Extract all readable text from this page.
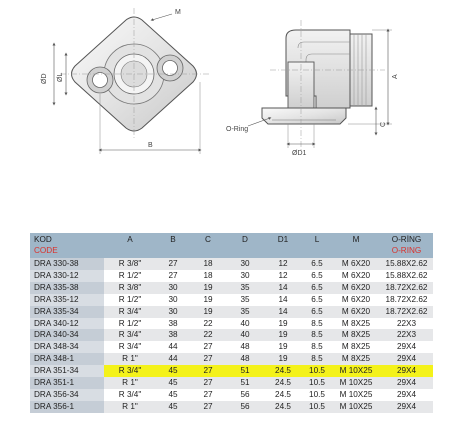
M
ØD ØL
B
A
C
ØD1
O-Ring
KOD
CODE	A	B	C	D	D1	L	M	O-RİNG
O-RING

DRA 330-38	R 3/8"	27	18	30	12	6.5	M 6X20	15.88X2.62
DRA 330-12	R 1/2"	27	18	30	12	6.5	M 6X20	15.88X2.62
DRA 335-38	R 3/8"	30	19	35	14	6.5	M 6X20	18.72X2.62
DRA 335-12	R 1/2"	30	19	35	14	6.5	M 6X20	18.72X2.62
DRA 335-34	R 3/4"	30	19	35	14	6.5	M 6X20	18.72X2.62
DRA 340-12	R 1/2"	38	22	40	19	8.5	M 8X25	22X3
DRA 340-34	R 3/4"	38	22	40	19	8.5	M 8X25	22X3
DRA 348-34	R 3/4"	44	27	48	19	8.5	M 8X25	29X4
DRA 348-1	R 1"	44	27	48	19	8.5	M 8X25	29X4
DRA 351-34	R 3/4"	45	27	51	24.5	10.5	M 10X25	29X4
DRA 351-1	R 1"	45	27	51	24.5	10.5	M 10X25	29X4
DRA 356-34	R 3/4"	45	27	56	24.5	10.5	M 10X25	29X4
DRA 356-1	R 1"	45	27	56	24.5	10.5	M 10X25	29X4
